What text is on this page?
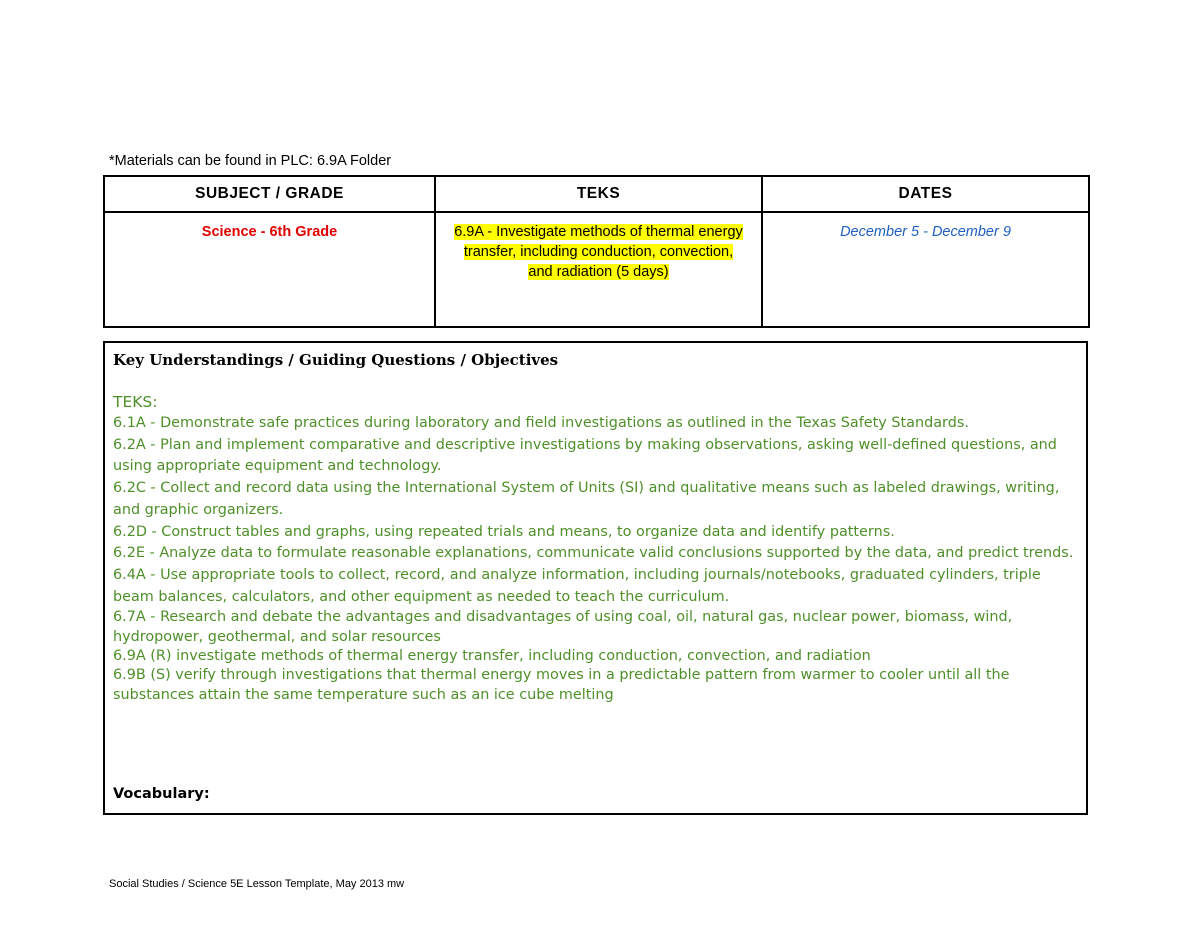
*Materials can be found in PLC: 6.9A Folder
SUBJECT / GRADE	TEKS	DATES
Science - 6th Grade	6.9A - Investigate methods of thermal energy transfer, including conduction, convection, and radiation (5 days)	December 5 - December 9
Key Understandings / Guiding Questions / Objectives
TEKS:
6.1A - Demonstrate safe practices during laboratory and field investigations as outlined in the Texas Safety Standards.
6.2A - Plan and implement comparative and descriptive investigations by making observations, asking well-defined questions, and using appropriate equipment and technology.
6.2C - Collect and record data using the International System of Units (SI) and qualitative means such as labeled drawings, writing, and graphic organizers.
6.2D - Construct tables and graphs, using repeated trials and means, to organize data and identify patterns.
6.2E - Analyze data to formulate reasonable explanations, communicate valid conclusions supported by the data, and predict trends.
6.4A - Use appropriate tools to collect, record, and analyze information, including journals/notebooks, graduated cylinders, triple beam balances, calculators, and other equipment as needed to teach the curriculum.
6.7A - Research and debate the advantages and disadvantages of using coal, oil, natural gas, nuclear power, biomass, wind, hydropower, geothermal, and solar resources
6.9A (R) investigate methods of thermal energy transfer, including conduction, convection, and radiation
6.9B (S) verify through investigations that thermal energy moves in a predictable pattern from warmer to cooler until all the substances attain the same temperature such as an ice cube melting
Vocabulary:
Social Studies / Science 5E Lesson Template, May 2013 mw
